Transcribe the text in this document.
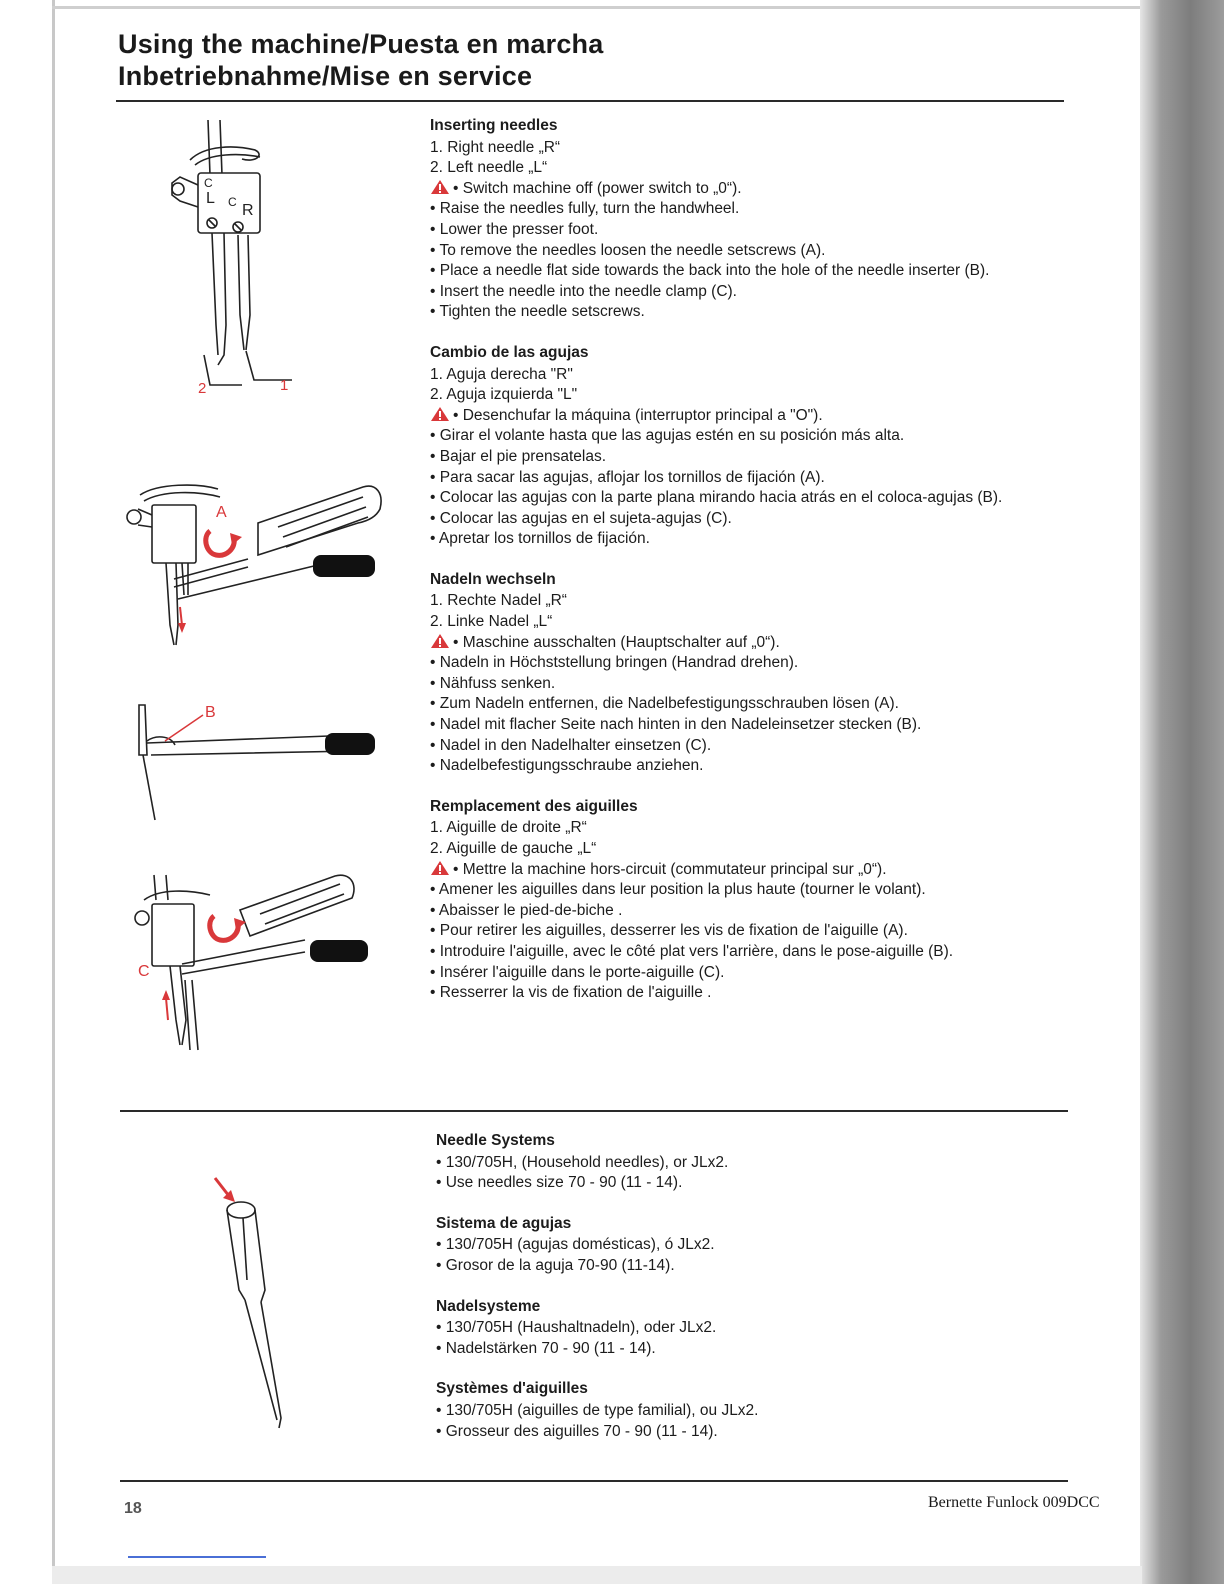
Using the machine/Puesta en marcha
Inbetriebnahme/Mise en service
C
L C R
1
2
A
B
C
Inserting needles
1. Right needle „R“
2. Left needle „L“
• Switch machine off (power switch to „0“).
• Raise the needles fully, turn the handwheel.
• Lower the presser foot.
• To remove the needles loosen the needle setscrews (A).
• Place a needle flat side towards the back into the hole of the needle inserter (B).
• Insert the needle into the needle clamp (C).
• Tighten the needle setscrews.
Cambio de las agujas
1. Aguja derecha "R"
2. Aguja izquierda "L"
• Desenchufar la máquina (interruptor principal a "O").
• Girar el volante hasta que las agujas estén en su posición más alta.
• Bajar el pie prensatelas.
• Para sacar las agujas, aflojar los tornillos de fijación (A).
• Colocar las agujas con la parte plana mirando hacia atrás en el coloca-agujas (B).
• Colocar las agujas en el sujeta-agujas (C).
• Apretar los tornillos de fijación.
Nadeln wechseln
1. Rechte Nadel „R“
2. Linke Nadel „L“
• Maschine ausschalten (Hauptschalter auf „0“).
• Nadeln in Höchststellung bringen (Handrad drehen).
• Nähfuss senken.
• Zum Nadeln entfernen, die Nadelbefestigungsschrauben lösen (A).
• Nadel mit flacher Seite nach hinten in den Nadeleinsetzer stecken (B).
• Nadel in den Nadelhalter einsetzen (C).
• Nadelbefestigungsschraube anziehen.
Remplacement des aiguilles
1. Aiguille de droite „R“
2. Aiguille de gauche „L“
• Mettre la machine hors-circuit (commutateur principal sur „0“).
• Amener les aiguilles dans leur position la plus haute (tourner le volant).
• Abaisser le pied-de-biche .
• Pour retirer les aiguilles, desserrer les vis de fixation de l'aiguille (A).
• Introduire l'aiguille, avec le côté plat vers l'arrière, dans le pose-aiguille (B).
• Insérer l'aiguille dans le porte-aiguille (C).
• Resserrer la vis de fixation de l'aiguille .
Needle Systems
• 130/705H, (Household needles), or JLx2.
• Use needles size 70 - 90 (11 - 14).
Sistema de agujas
• 130/705H (agujas domésticas), ó JLx2.
• Grosor de la aguja 70-90 (11-14).
Nadelsysteme
• 130/705H (Haushaltnadeln), oder JLx2.
• Nadelstärken 70 - 90 (11 - 14).
Systèmes d'aiguilles
• 130/705H (aiguilles de type familial), ou JLx2.
• Grosseur des aiguilles 70 - 90 (11 - 14).
18	Bernette Funlock 009DCC
